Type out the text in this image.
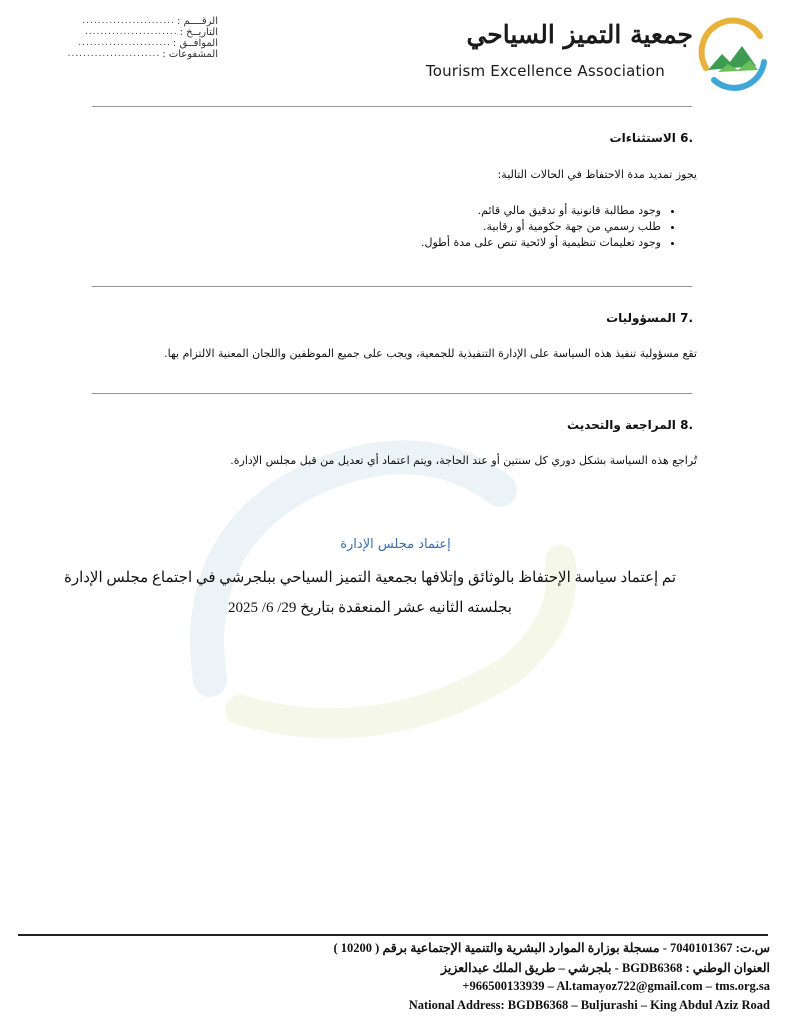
الرقــــم :
........................
التاريــخ :
........................
الموافــق :
........................
المشفوعات :
........................
جمعية التميز السياحي
Tourism Excellence Association
.6 الاستثناءات
يجوز تمديد مدة الاحتفاظ في الحالات التالية:
• وجود مطالبة قانونية أو تدقيق مالي قائم.
• طلب رسمي من جهة حكومية أو رقابية.
• وجود تعليمات تنظيمية أو لائحية تنص على مدة أطول.
.7 المسؤوليات
تقع مسؤولية تنفيذ هذه السياسة على الإدارة التنفيذية للجمعية، ويجب على جميع الموظفين واللجان المعنية الالتزام بها.
.8 المراجعة والتحديث
تُراجع هذه السياسة بشكل دوري كل سنتين أو عند الحاجة، ويتم اعتماد أي تعديل من قبل مجلس الإدارة.
إعتماد مجلس الإدارة
تم إعتماد سياسة الإحتفاظ بالوثائق وإتلافها بجمعية التميز السياحي ببلجرشي في اجتماع مجلس الإدارة
بجلسته الثانيه عشر المنعقدة بتاريخ 29/ 6/ 2025
س.ت: 7040101367 - مسجلة بوزارة الموارد البشرية والتنمية الإجتماعية برقم ( 10200 )
العنوان الوطني : BGDB6368 - بلجرشي – طريق الملك عبدالعزيز
+966500133939 – Al.tamayoz722@gmail.com – tms.org.sa
National Address: BGDB6368 – Buljurashi – King Abdul Aziz Road
